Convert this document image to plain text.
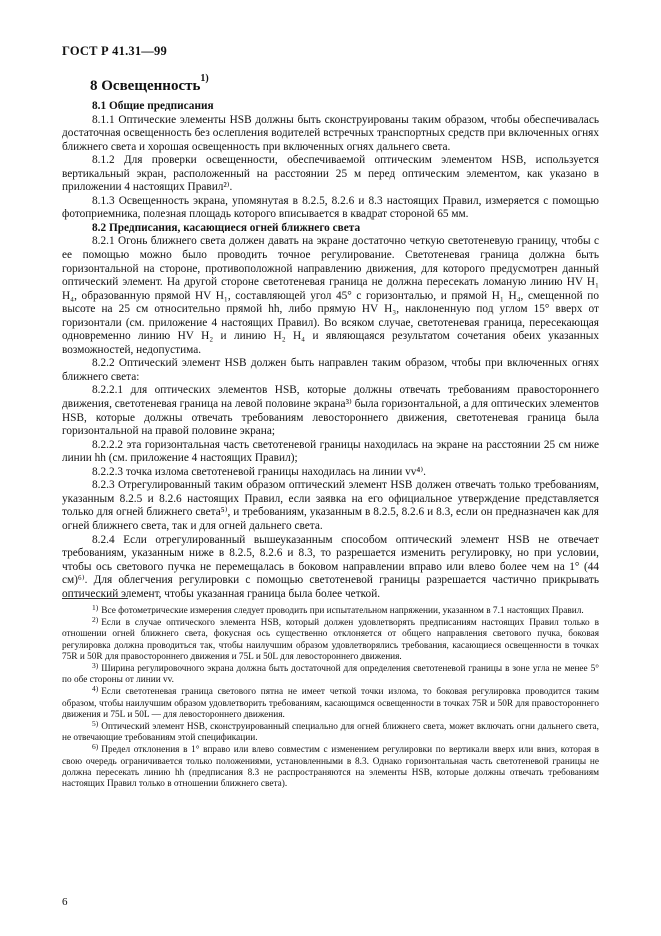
ГОСТ Р 41.31—99
8 Освещенность$^{1)}$

8.1 Общие предписания

8.1.1 Оптические элементы HSB должны быть сконструированы таким образом, чтобы обеспечивалась достаточная освещенность без ослепления водителей встречных транспортных средств при включенных огнях ближнего света и хорошая освещенность при включенных огнях дальнего света.

8.1.2 Для проверки освещенности, обеспечиваемой оптическим элементом HSB, используется вертикальный экран, расположенный на расстоянии 25 м перед оптическим элементом, как указано в приложении 4 настоящих Правил²⁾.

8.1.3 Освещенность экрана, упомянутая в 8.2.5, 8.2.6 и 8.3 настоящих Правил, измеряется с помощью фотоприемника, полезная площадь которого вписывается в квадрат стороной 65 мм.

8.2 Предписания, касающиеся огней ближнего света

8.2.1 Огонь ближнего света должен давать на экране достаточно четкую светотеневую границу, чтобы с ее помощью можно было проводить точное регулирование. Светотеневая граница должна быть горизонтальной на стороне, противоположной направлению движения, для которого предусмотрен данный оптический элемент. На другой стороне светотеневая граница не должна пересекать ломаную линию HV H₁ H₄, образованную прямой HV H₁, составляющей угол 45° с горизонталью, и прямой H₁ H₄, смещенной по высоте на 25 см относительно прямой hh, либо прямую HV H₃, наклоненную под углом 15° вверх от горизонтали (см. приложение 4 настоящих Правил). Во всяком случае, светотеневая граница, пересекающая одновременно линию HV H₂ и линию H₂ H₄ и являющаяся результатом сочетания обеих указанных возможностей, недопустима.

8.2.2 Оптический элемент HSB должен быть направлен таким образом, чтобы при включенных огнях ближнего света:

8.2.2.1 для оптических элементов HSB, которые должны отвечать требованиям правостороннего движения, светотеневая граница на левой половине экрана³⁾ была горизонтальной, а для оптических элементов HSB, которые должны отвечать требованиям левостороннего движения, светотеневая граница была горизонтальной на правой половине экрана;

8.2.2.2 эта горизонтальная часть светотеневой границы находилась на экране на расстоянии 25 см ниже линии hh (см. приложение 4 настоящих Правил);

8.2.2.3 точка излома светотеневой границы находилась на линии vv⁴⁾.

8.2.3 Отрегулированный таким образом оптический элемент HSB должен отвечать только требованиям, указанным 8.2.5 и 8.2.6 настоящих Правил, если заявка на его официальное утверждение представляется только для огней ближнего света⁵⁾, и требованиям, указанным в 8.2.5, 8.2.6 и 8.3, если он предназначен как для огней ближнего света, так и для огней дальнего света.

8.2.4 Если отрегулированный вышеуказанным способом оптический элемент HSB не отвечает требованиям, указанным ниже в 8.2.5, 8.2.6 и 8.3, то разрешается изменить регулировку, но при условии, чтобы ось светового пучка не перемещалась в боковом направлении вправо или влево более чем на 1° (44 см)⁶⁾. Для облегчения регулировки с помощью светотеневой границы разрешается частично прикрывать оптический элемент, чтобы указанная граница была более четкой.

$^{1)}$ Все фотометрические измерения следует проводить при испытательном напряжении, указанном в 7.1 настоящих Правил.

$^{2)}$ Если в случае оптического элемента HSB, который должен удовлетворять предписаниям настоящих Правил только в отношении огней ближнего света, фокусная ось существенно отклоняется от общего направления светового пучка, боковая регулировка должна проводиться так, чтобы наилучшим образом удовлетворялись требования, касающиеся освещенности в точках 75R и 50R для правостороннего движения и 75L и 50L для левостороннего движения.

$^{3)}$ Ширина регулировочного экрана должна быть достаточной для определения светотеневой границы в зоне угла не менее 5° по обе стороны от линии vv.

$^{4)}$ Если светотеневая граница светового пятна не имеет четкой точки излома, то боковая регулировка проводится таким образом, чтобы наилучшим образом удовлетворить требованиям, касающимся освещенности в точках 75R и 50R для правостороннего движения и 75L и 50L — для левостороннего движения.

$^{5)}$ Оптический элемент HSB, сконструированный специально для огней ближнего света, может включать огни дальнего света, не отвечающие требованиям этой спецификации.

$^{6)}$ Предел отклонения в 1° вправо или влево совместим с изменением регулировки по вертикали вверх или вниз, которая в свою очередь ограничивается только положениями, установленными в 8.3. Однако горизонтальная часть светотеневой границы не должна пересекать линию hh (предписания 8.3 не распространяются на элементы HSB, которые должны отвечать требованиям настоящих Правил только в отношении ближнего света).

6
